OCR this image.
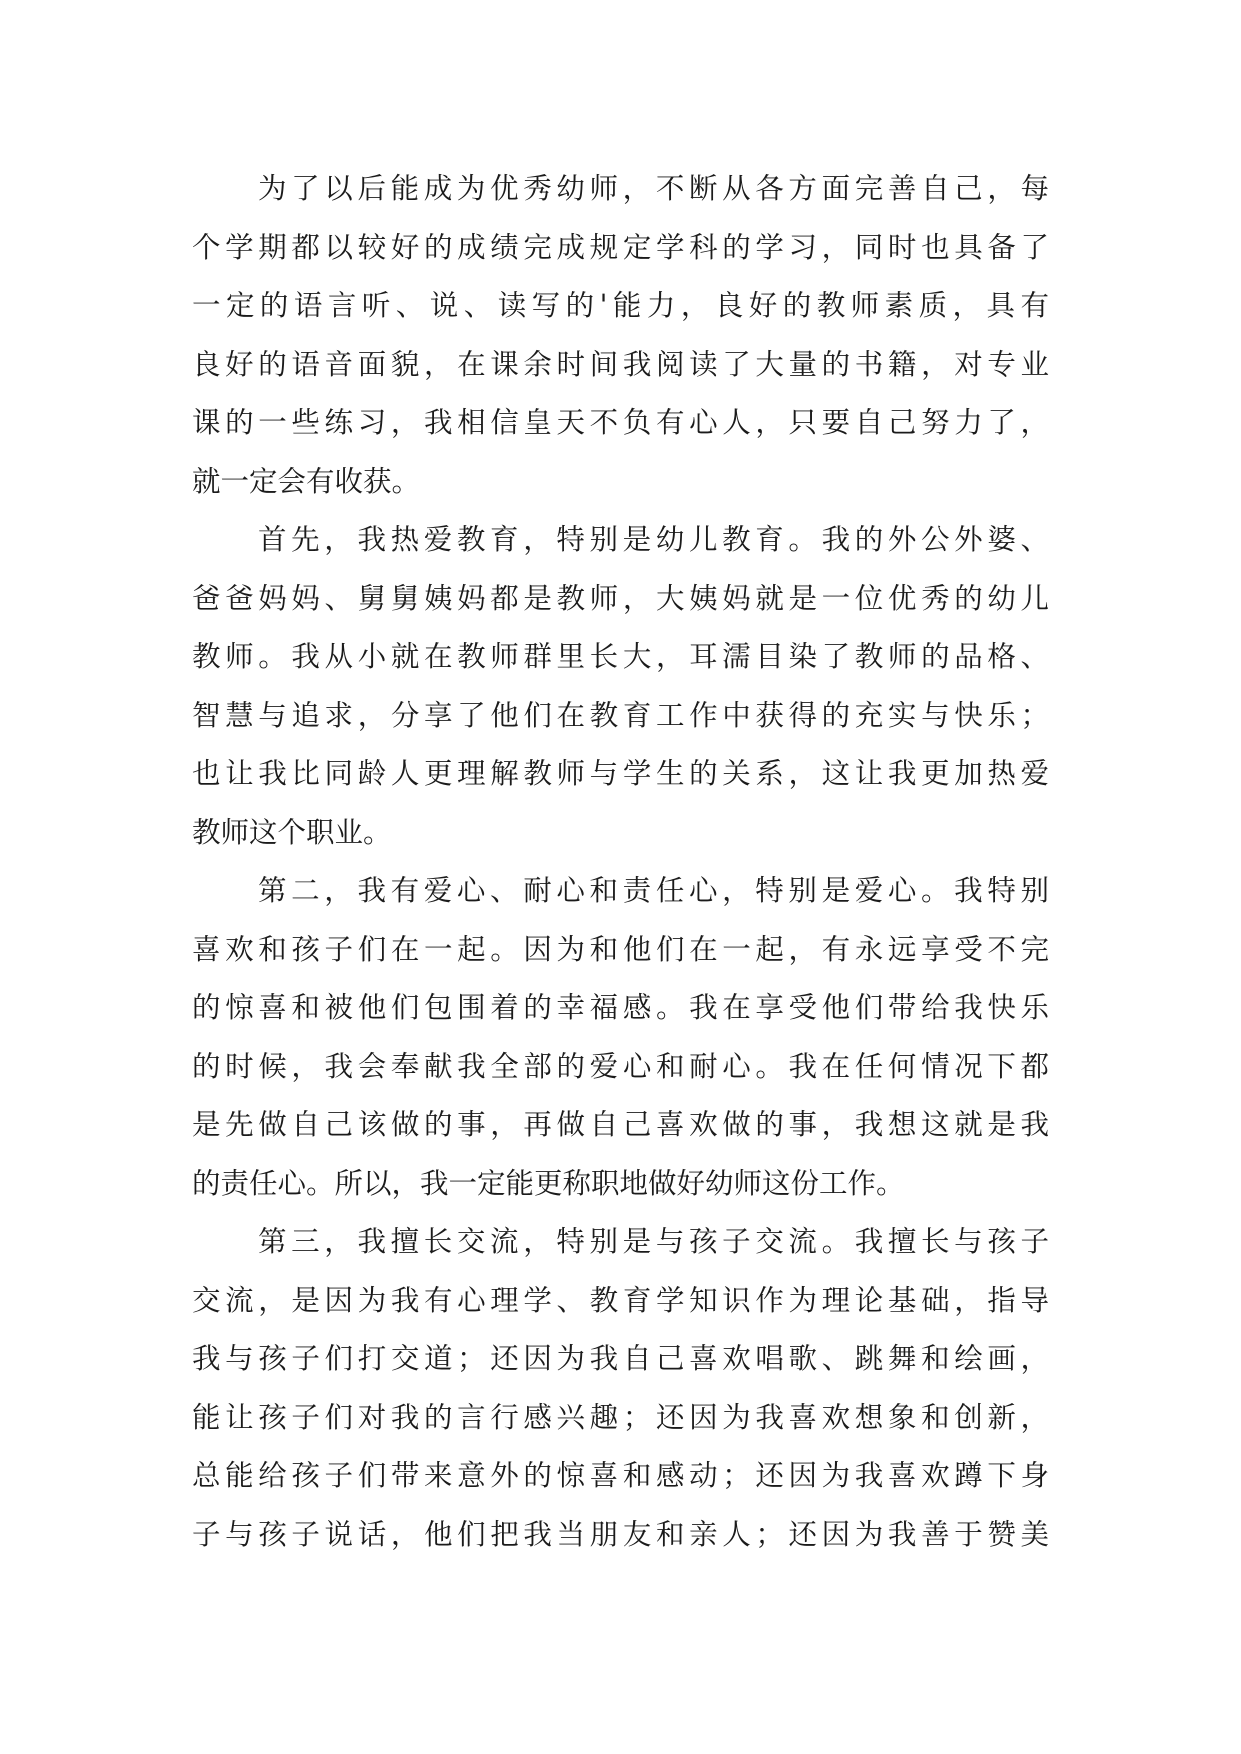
为了以后能成为优秀幼师，不断从各方面完善自己，每
个学期都以较好的成绩完成规定学科的学习，同时也具备了
一定的语言听、说、读写的'能力，良好的教师素质，具有
良好的语音面貌，在课余时间我阅读了大量的书籍，对专业
课的一些练习，我相信皇天不负有心人，只要自己努力了，
就一定会有收获。
首先，我热爱教育，特别是幼儿教育。我的外公外婆、
爸爸妈妈、舅舅姨妈都是教师，大姨妈就是一位优秀的幼儿
教师。我从小就在教师群里长大，耳濡目染了教师的品格、
智慧与追求，分享了他们在教育工作中获得的充实与快乐；
也让我比同龄人更理解教师与学生的关系，这让我更加热爱
教师这个职业。
第二，我有爱心、耐心和责任心，特别是爱心。我特别
喜欢和孩子们在一起。因为和他们在一起，有永远享受不完
的惊喜和被他们包围着的幸福感。我在享受他们带给我快乐
的时候，我会奉献我全部的爱心和耐心。我在任何情况下都
是先做自己该做的事，再做自己喜欢做的事，我想这就是我
的责任心。所以，我一定能更称职地做好幼师这份工作。
第三，我擅长交流，特别是与孩子交流。我擅长与孩子
交流，是因为我有心理学、教育学知识作为理论基础，指导
我与孩子们打交道；还因为我自己喜欢唱歌、跳舞和绘画，
能让孩子们对我的言行感兴趣；还因为我喜欢想象和创新，
总能给孩子们带来意外的惊喜和感动；还因为我喜欢蹲下身
子与孩子说话，他们把我当朋友和亲人；还因为我善于赞美
